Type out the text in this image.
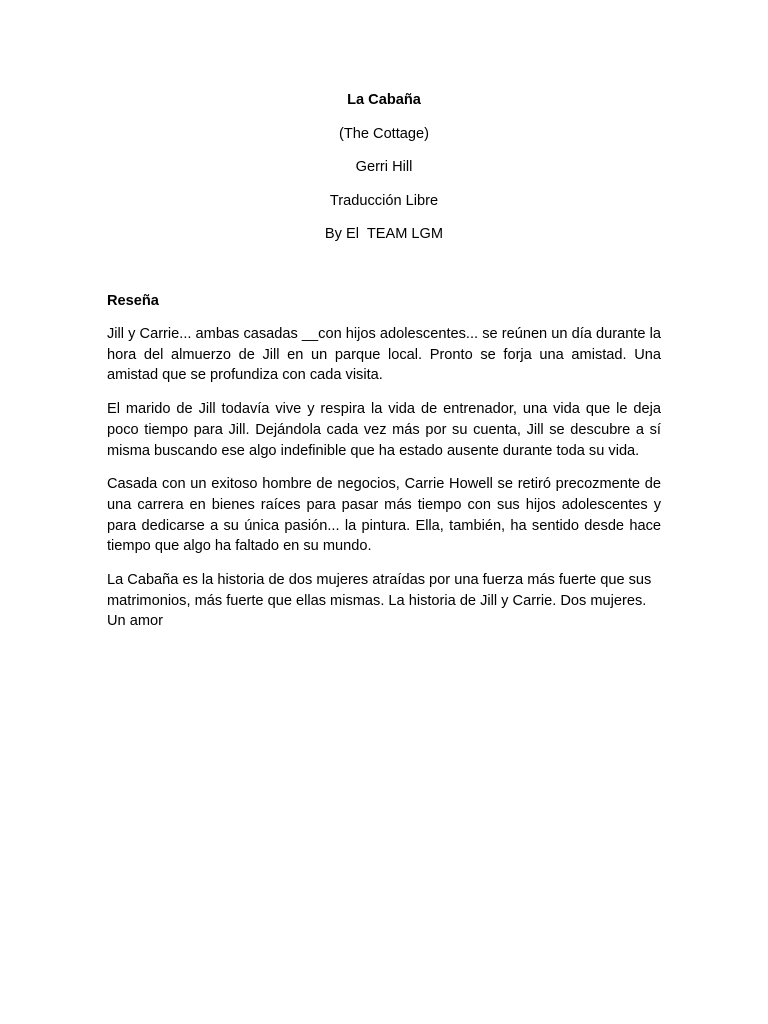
La Cabaña

(The Cottage)

Gerri Hill

Traducción Libre

By El  TEAM LGM

Reseña

Jill y Carrie... ambas casadas __con hijos adolescentes... se reúnen un día durante la hora del almuerzo de Jill en un parque local. Pronto se forja una amistad. Una amistad que se profundiza con cada visita.

El marido de Jill todavía vive y respira la vida de entrenador, una vida que le deja poco tiempo para Jill. Dejándola cada vez más por su cuenta, Jill se descubre a sí misma buscando ese algo indefinible que ha estado ausente durante toda su vida.

Casada con un exitoso hombre de negocios, Carrie Howell se retiró precozmente de una carrera en bienes raíces para pasar más tiempo con sus hijos adolescentes y para dedicarse a su única pasión... la pintura. Ella, también, ha sentido desde hace tiempo que algo ha faltado en su mundo.

La Cabaña es la historia de dos mujeres atraídas por una fuerza más fuerte que sus matrimonios, más fuerte que ellas mismas. La historia de Jill y Carrie. Dos mujeres. Un amor
